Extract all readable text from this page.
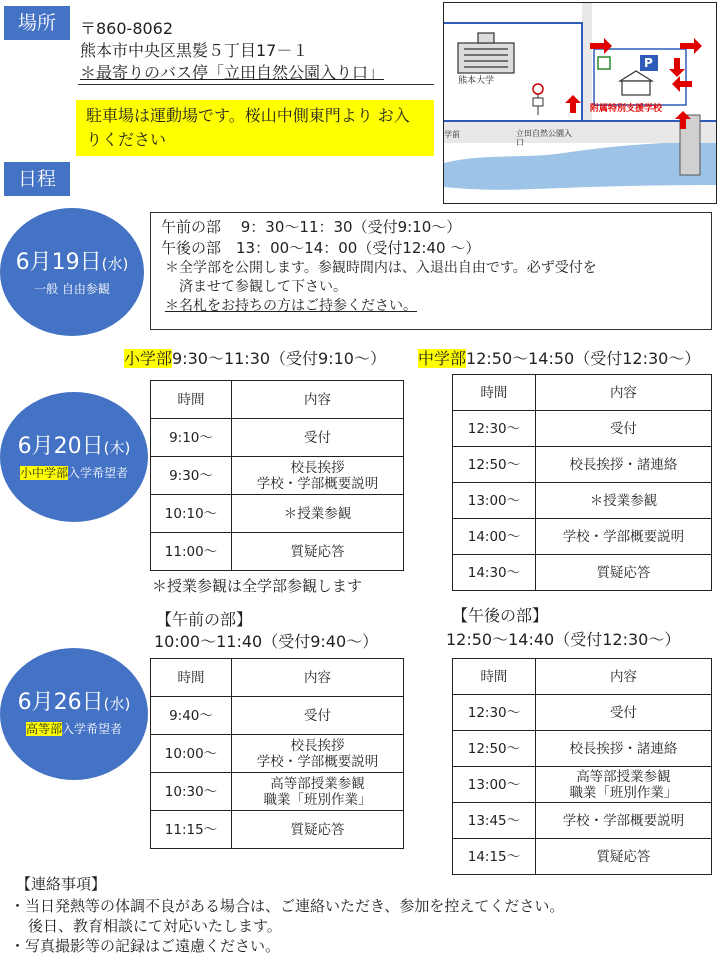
場所	〒860-8062
熊本市中央区黒髪５丁目17－１
＊最寄りのバス停「立田自然公園入り口」
駐車場は運動場です。桜山中側東門より お入りください
熊本大学
附属特別支援学校
立田自然公園入口
学前
P
日程
6月19日(水)
一般 自由参観
午前の部　 9：30～11：30（受付9:10～）
午後の部　13：00～14：00（受付12:40 ～）
＊全学部を公開します。参観時間内は、入退出自由です。必ず受付を
済ませて参観して下さい。
＊名札をお持ちの方はご持参ください。
小学部9:30～11:30（受付9:10～） 中学部12:50～14:50（受付12:30～）
6月20日(木)
小中学部入学希望者
時間	内容
9:10～	受付

9:30～	校長挨拶
学校・学部概要説明

10:10～	＊授業参観

11:00～	質疑応答
時間	内容
12:30～	受付

12:50～	校長挨拶・諸連絡

13:00～	＊授業参観

14:00～	学校・学部概要説明

14:30～	質疑応答
＊授業参観は全学部参観します
【午前の部】
10:00～11:40（受付9:40～）
【午後の部】
12:50～14:40（受付12:30～）
6月26日(水)
高等部入学希望者
時間	内容
9:40～	受付

10:00～	校長挨拶
学校・学部概要説明

10:30～	高等部授業参観
職業「班別作業」

11:15～	質疑応答
時間	内容
12:30～	受付

12:50～	校長挨拶・諸連絡

13:00～	高等部授業参観
職業「班別作業」

13:45～	学校・学部概要説明

14:15～	質疑応答
【連絡事項】
・当日発熱等の体調不良がある場合は、ご連絡いただき、参加を控えてください。
後日、教育相談にて対応いたします。
・写真撮影等の記録はご遠慮ください。
